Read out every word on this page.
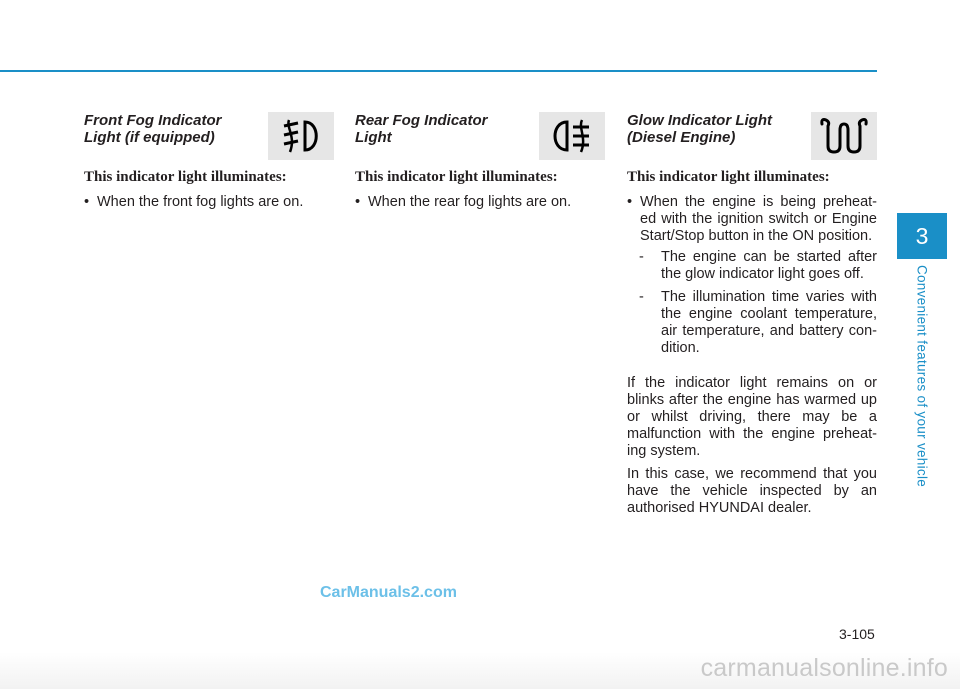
Front Fog Indicator
Light (if equipped)

This indicator light illuminates:

• When the front fog lights are on.

Rear Fog Indicator
Light

This indicator light illuminates:

• When the rear fog lights are on.

Glow Indicator Light
(Diesel Engine)

This indicator light illuminates:

• When the engine is being preheat-ed with the ignition switch or Engine Start/Stop button in the ON position.
- The engine can be started after the glow indicator light goes off.
- The illumination time varies with the engine coolant temperature, air temperature, and battery con-dition.

If the indicator light remains on or blinks after the engine has warmed up or whilst driving, there may be a malfunction with the engine preheat-ing system.

In this case, we recommend that you have the vehicle inspected by an authorised HYUNDAI dealer.

3
Convenient features of your vehicle
CarManuals2.com
3-105
carmanualsonline.info
